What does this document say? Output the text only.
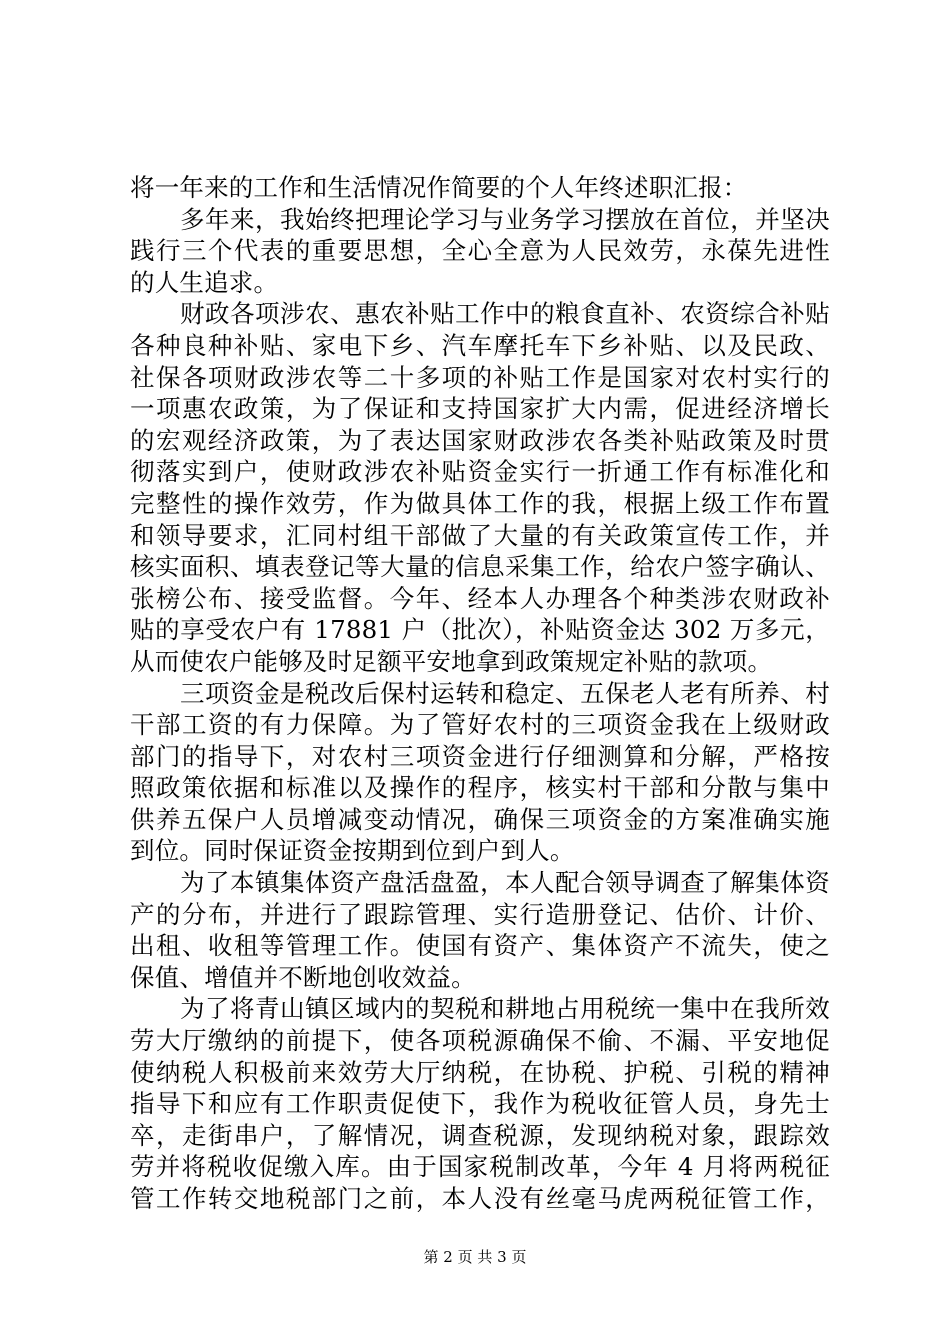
将一年来的工作和生活情况作简要的个人年终述职汇报：
多年来，我始终把理论学习与业务学习摆放在首位，并坚决
践行三个代表的重要思想，全心全意为人民效劳，永葆先进性
的人生追求。
财政各项涉农、惠农补贴工作中的粮食直补、农资综合补贴
各种良种补贴、家电下乡、汽车摩托车下乡补贴、以及民政、
社保各项财政涉农等二十多项的补贴工作是国家对农村实行的
一项惠农政策，为了保证和支持国家扩大内需，促进经济增长
的宏观经济政策，为了表达国家财政涉农各类补贴政策及时贯
彻落实到户，使财政涉农补贴资金实行一折通工作有标准化和
完整性的操作效劳，作为做具体工作的我，根据上级工作布置
和领导要求，汇同村组干部做了大量的有关政策宣传工作，并
核实面积、填表登记等大量的信息采集工作，给农户签字确认、
张榜公布、接受监督。今年、经本人办理各个种类涉农财政补
贴的享受农户有 17881 户（批次），补贴资金达 302 万多元，
从而使农户能够及时足额平安地拿到政策规定补贴的款项。
三项资金是税改后保村运转和稳定、五保老人老有所养、村
干部工资的有力保障。为了管好农村的三项资金我在上级财政
部门的指导下，对农村三项资金进行仔细测算和分解，严格按
照政策依据和标准以及操作的程序，核实村干部和分散与集中
供养五保户人员增减变动情况，确保三项资金的方案准确实施
到位。同时保证资金按期到位到户到人。
为了本镇集体资产盘活盘盈，本人配合领导调查了解集体资
产的分布，并进行了跟踪管理、实行造册登记、估价、计价、
出租、收租等管理工作。使国有资产、集体资产不流失，使之
保值、增值并不断地创收效益。
为了将青山镇区域内的契税和耕地占用税统一集中在我所效
劳大厅缴纳的前提下，使各项税源确保不偷、不漏、平安地促
使纳税人积极前来效劳大厅纳税，在协税、护税、引税的精神
指导下和应有工作职责促使下，我作为税收征管人员，身先士
卒，走街串户，了解情况，调查税源，发现纳税对象，跟踪效
劳并将税收促缴入库。由于国家税制改革，今年 4 月将两税征
管工作转交地税部门之前，本人没有丝毫马虎两税征管工作，
第 2 页 共 3 页
